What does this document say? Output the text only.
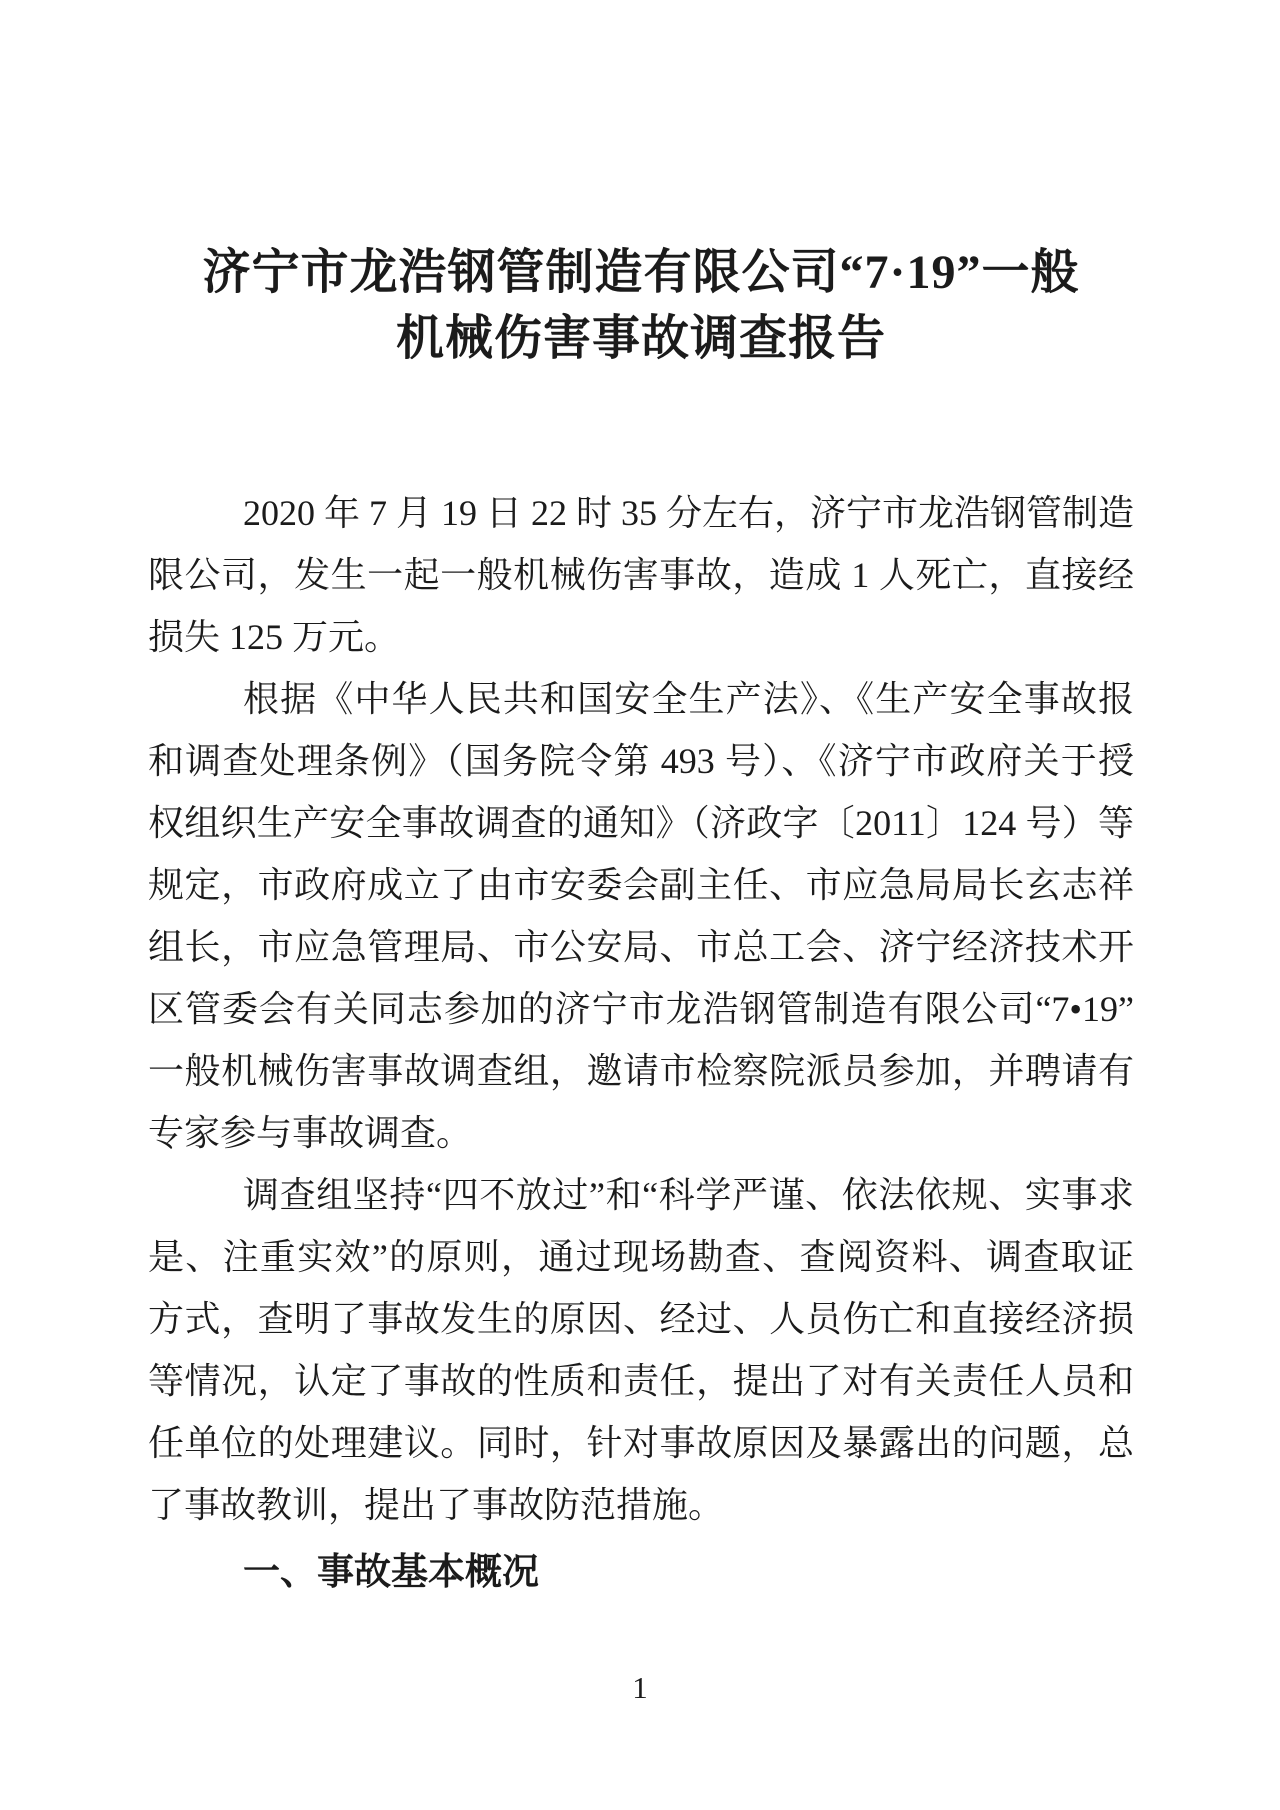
济宁市龙浩钢管制造有限公司“7·19”一般
机械伤害事故调查报告
2020 年 7 月 19 日 22 时 35 分左右，济宁市龙浩钢管制造
限公司，发生一起一般机械伤害事故，造成 1 人死亡，直接经
损失 125 万元。
根据《中华人民共和国安全生产法》、《生产安全事故报
和调查处理条例》（国务院令第 493 号）、《济宁市政府关于授
权组织生产安全事故调查的通知》（济政字〔2011〕124 号）等
规定，市政府成立了由市安委会副主任、市应急局局长玄志祥
组长，市应急管理局、市公安局、市总工会、济宁经济技术开
区管委会有关同志参加的济宁市龙浩钢管制造有限公司“7•19”
一般机械伤害事故调查组，邀请市检察院派员参加，并聘请有
专家参与事故调查。
调查组坚持“四不放过”和“科学严谨、依法依规、实事求
是、注重实效”的原则，通过现场勘查、查阅资料、调查取证
方式，查明了事故发生的原因、经过、人员伤亡和直接经济损
等情况，认定了事故的性质和责任，提出了对有关责任人员和
任单位的处理建议。同时，针对事故原因及暴露出的问题，总
了事故教训，提出了事故防范措施。
一、事故基本概况
1
